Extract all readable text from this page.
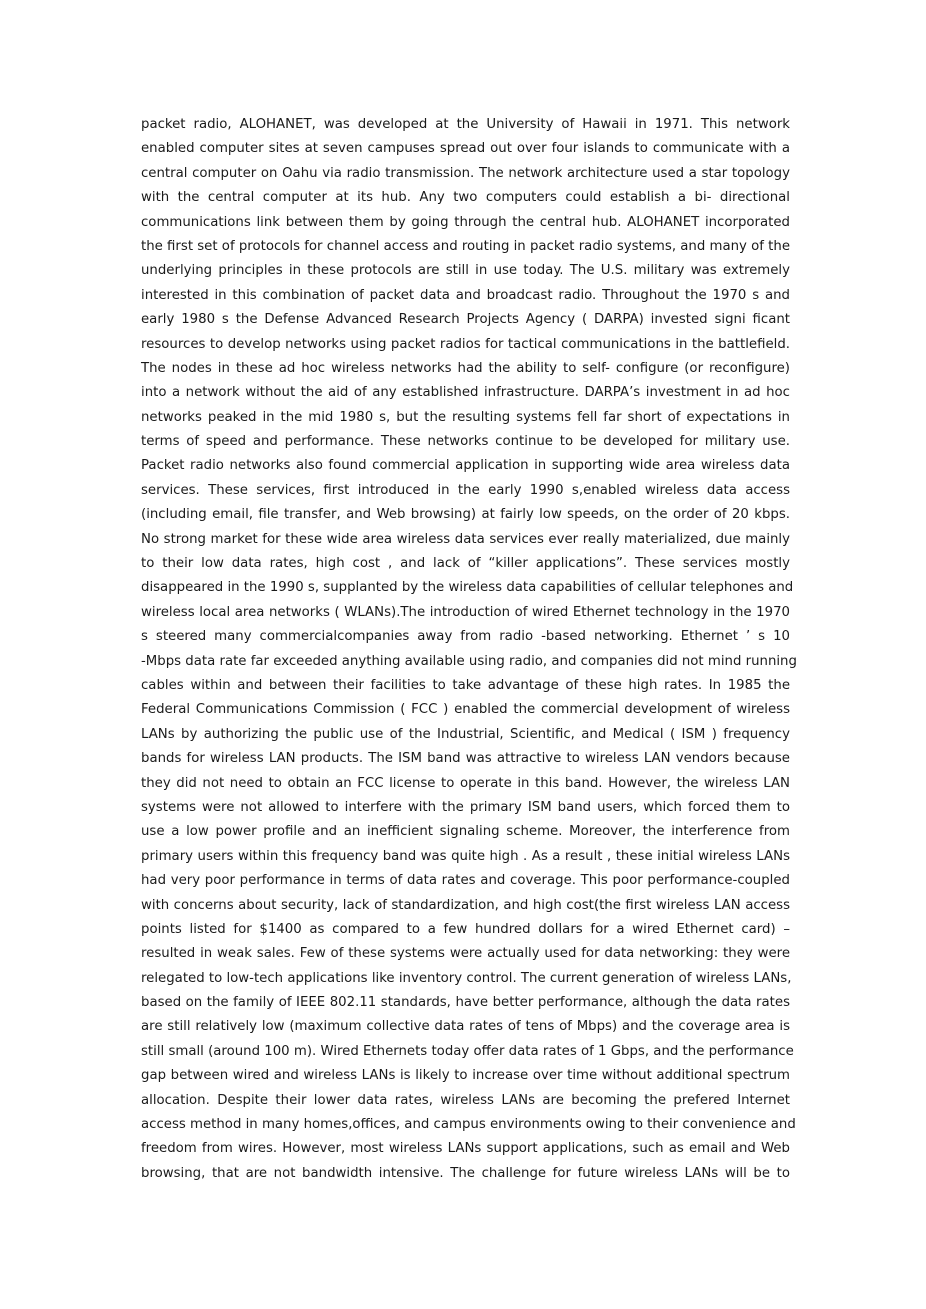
packet radio, ALOHANET, was developed at the University of Hawaii in 1971. This network
enabled computer sites at seven campuses spread out over four islands to communicate with a
central computer on Oahu via radio transmission. The network architecture used a star topology
with the central computer at its hub. Any two computers could establish a bi- directional
communications link between them by going through the central hub. ALOHANET incorporated
the first set of protocols for channel access and routing in packet radio systems, and many of the
underlying principles in these protocols are still in use today. The U.S. military was extremely
interested in this combination of packet data and broadcast radio. Throughout the 1970 s and
early 1980 s the Defense Advanced Research Projects Agency ( DARPA) invested signi ficant
resources to develop networks using packet radios for tactical communications in the battlefield.
The nodes in these ad hoc wireless networks had the ability to self- configure (or reconfigure)
into a network without the aid of any established infrastructure. DARPA’s investment in ad hoc
networks peaked in the mid 1980 s, but the resulting systems fell far short of expectations in
terms of speed and performance. These networks continue to be developed for military use.
Packet radio networks also found commercial application in supporting wide area wireless data
services. These services, first introduced in the early 1990 s,enabled wireless data access
(including email, file transfer, and Web browsing) at fairly low speeds, on the order of 20 kbps.
No strong market for these wide area wireless data services ever really materialized, due mainly
to their low data rates, high cost , and lack of “killer applications”. These services mostly
disappeared in the 1990 s, supplanted by the wireless data capabilities of cellular telephones and
wireless local area networks ( WLANs).The introduction of wired Ethernet technology in the 1970
s steered many commercialcompanies away from radio -based networking. Ethernet ’ s 10
-Mbps data rate far exceeded anything available using radio, and companies did not mind running
cables within and between their facilities to take advantage of these high rates. In 1985 the
Federal Communications Commission ( FCC ) enabled the commercial development of wireless
LANs by authorizing the public use of the Industrial, Scientific, and Medical ( ISM ) frequency
bands for wireless LAN products. The ISM band was attractive to wireless LAN vendors because
they did not need to obtain an FCC license to operate in this band. However, the wireless LAN
systems were not allowed to interfere with the primary ISM band users, which forced them to
use a low power profile and an inefficient signaling scheme. Moreover, the interference from
primary users within this frequency band was quite high . As a result , these initial wireless LANs
had very poor performance in terms of data rates and coverage. This poor performance-coupled
with concerns about security, lack of standardization, and high cost(the first wireless LAN access
points listed for $1400 as compared to a few hundred dollars for a wired Ethernet card) –
resulted in weak sales. Few of these systems were actually used for data networking: they were
relegated to low-tech applications like inventory control. The current generation of wireless LANs,
based on the family of IEEE 802.11 standards, have better performance, although the data rates
are still relatively low (maximum collective data rates of tens of Mbps) and the coverage area is
still small (around 100 m). Wired Ethernets today offer data rates of 1 Gbps, and the performance
gap between wired and wireless LANs is likely to increase over time without additional spectrum
allocation. Despite their lower data rates, wireless LANs are becoming the prefered Internet
access method in many homes,offices, and campus environments owing to their convenience and
freedom from wires. However, most wireless LANs support applications, such as email and Web
browsing, that are not bandwidth intensive. The challenge for future wireless LANs will be to
